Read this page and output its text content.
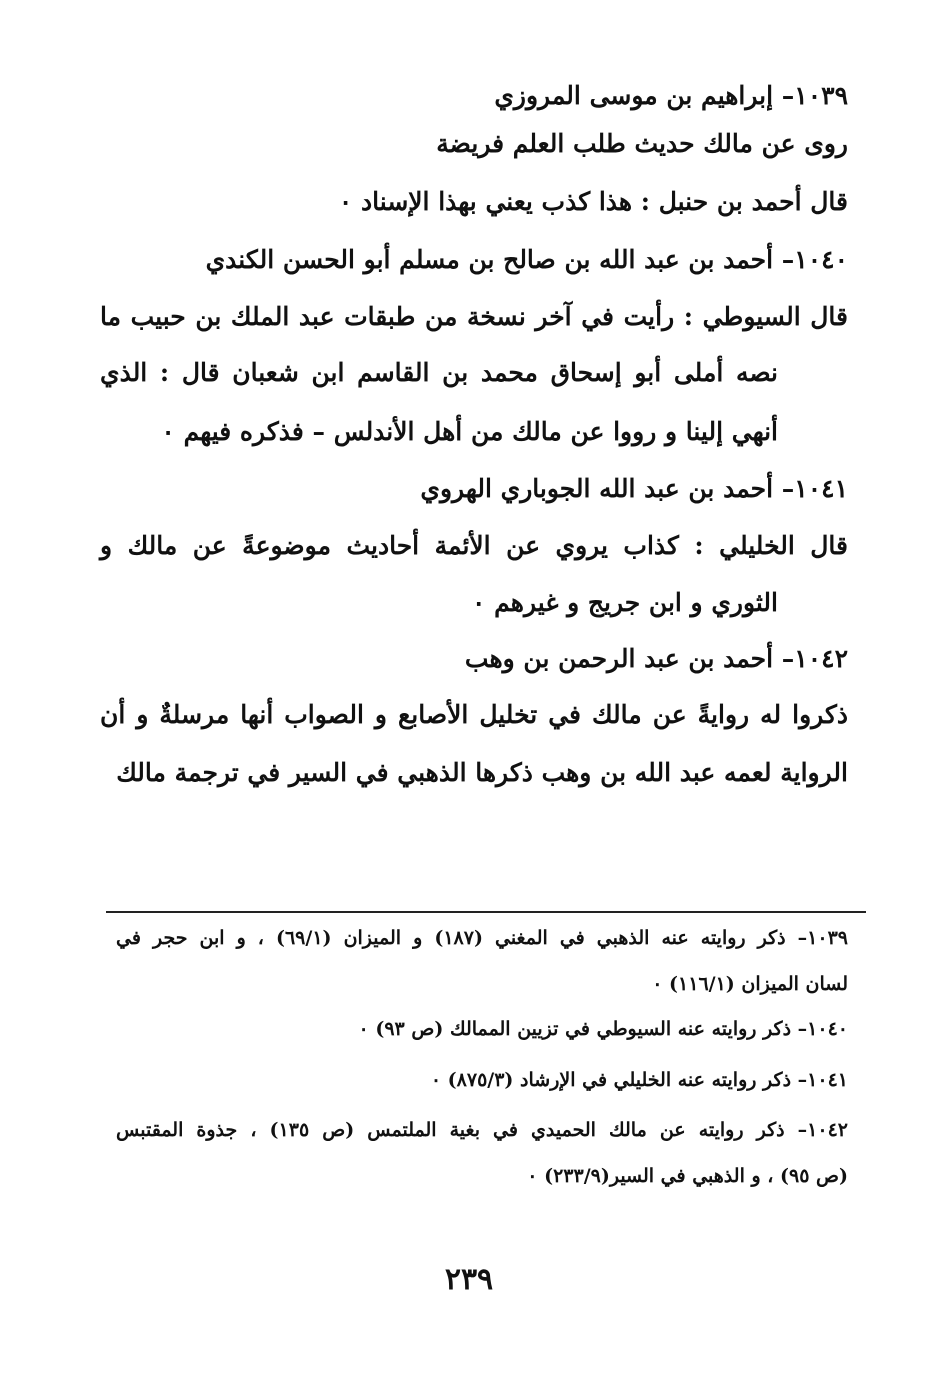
١٠٣٩– إبراهيم بن موسى المروزي
روى عن مالك حديث طلب العلم فريضة
قال أحمد بن حنبل : هذا كذب يعني بهذا الإسناد ٠
١٠٤٠– أحمد بن عبد الله بن صالح بن مسلم أبو الحسن الكندي
قال السيوطي : رأيت في آخر نسخة من طبقات عبد الملك بن حبيب ما
نصه أملى أبو إسحاق محمد بن القاسم ابن شعبان قال : الذي
أنهي إلينا و رووا عن مالك من أهل الأندلس – فذكره فيهم ٠
١٠٤١– أحمد بن عبد الله الجوباري الهروي
قال الخليلي : كذاب يروي عن الأئمة أحاديث موضوعةً عن مالك و
الثوري و ابن جريج و غيرهم ٠
١٠٤٢– أحمد بن عبد الرحمن بن وهب
ذكروا له روايةً عن مالك في تخليل الأصابع و الصواب أنها مرسلةٌ و أن
الرواية لعمه عبد الله بن وهب ذكرها الذهبي في السير في ترجمة مالك
١٠٣٩– ذكر روايته عنه الذهبي في المغني (١٨٧) و الميزان (٦٩/١) ، و ابن حجر في
لسان الميزان (١١٦/١) ٠
١٠٤٠– ذكر روايته عنه السيوطي في تزيين الممالك (ص ٩٣) ٠
١٠٤١– ذكر روايته عنه الخليلي في الإرشاد (٨٧٥/٣) ٠
١٠٤٢– ذكر روايته عن مالك الحميدي في بغية الملتمس (ص ١٣٥) ، جذوة المقتبس
(ص ٩٥) ، و الذهبي في السير(٢٣٣/٩) ٠
٢٣٩
